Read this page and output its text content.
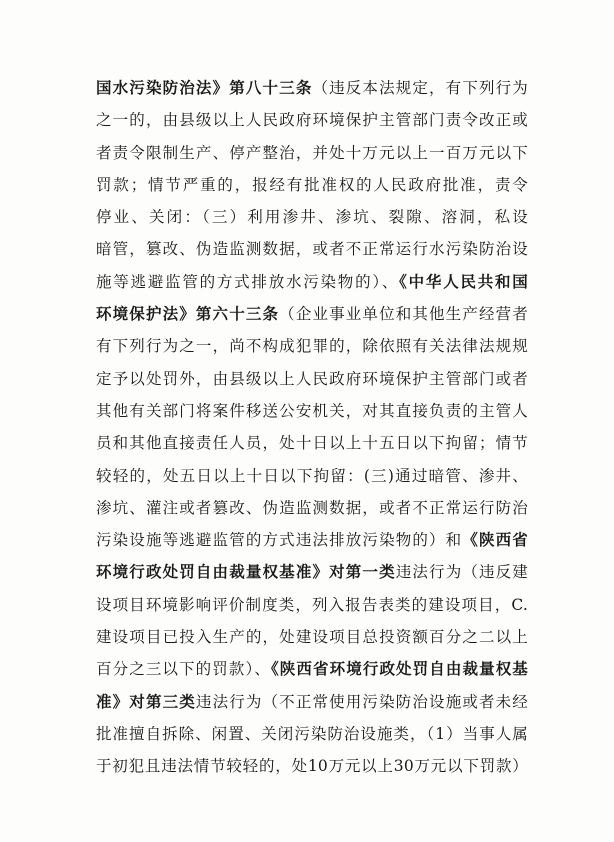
国水污染防治法》第八十三条（违反本法规定，有下列行为
之一的，由县级以上人民政府环境保护主管部门责令改正或
者责令限制生产、停产整治，并处十万元以上一百万元以下
罚款；情节严重的，报经有批准权的人民政府批准，责令
停业、关闭：（三）利用渗井、渗坑、裂隙、溶洞，私设
暗管，篡改、伪造监测数据，或者不正常运行水污染防治设
施等逃避监管的方式排放水污染物的）、《中华人民共和国
环境保护法》第六十三条（企业事业单位和其他生产经营者
有下列行为之一，尚不构成犯罪的，除依照有关法律法规规
定予以处罚外，由县级以上人民政府环境保护主管部门或者
其他有关部门将案件移送公安机关，对其直接负责的主管人
员和其他直接责任人员，处十日以上十五日以下拘留；情节
较轻的，处五日以上十日以下拘留：(三)通过暗管、渗井、
渗坑、灌注或者篡改、伪造监测数据，或者不正常运行防治
污染设施等逃避监管的方式违法排放污染物的）和《陕西省
环境行政处罚自由裁量权基准》对第一类违法行为（违反建
设项目环境影响评价制度类，列入报告表类的建设项目，C.
建设项目已投入生产的，处建设项目总投资额百分之二以上
百分之三以下的罚款）、《陕西省环境行政处罚自由裁量权基
准》对第三类违法行为（不正常使用污染防治设施或者未经
批准擅自拆除、闲置、关闭污染防治设施类，（1）当事人属
于初犯且违法情节较轻的，处10万元以上30万元以下罚款）
